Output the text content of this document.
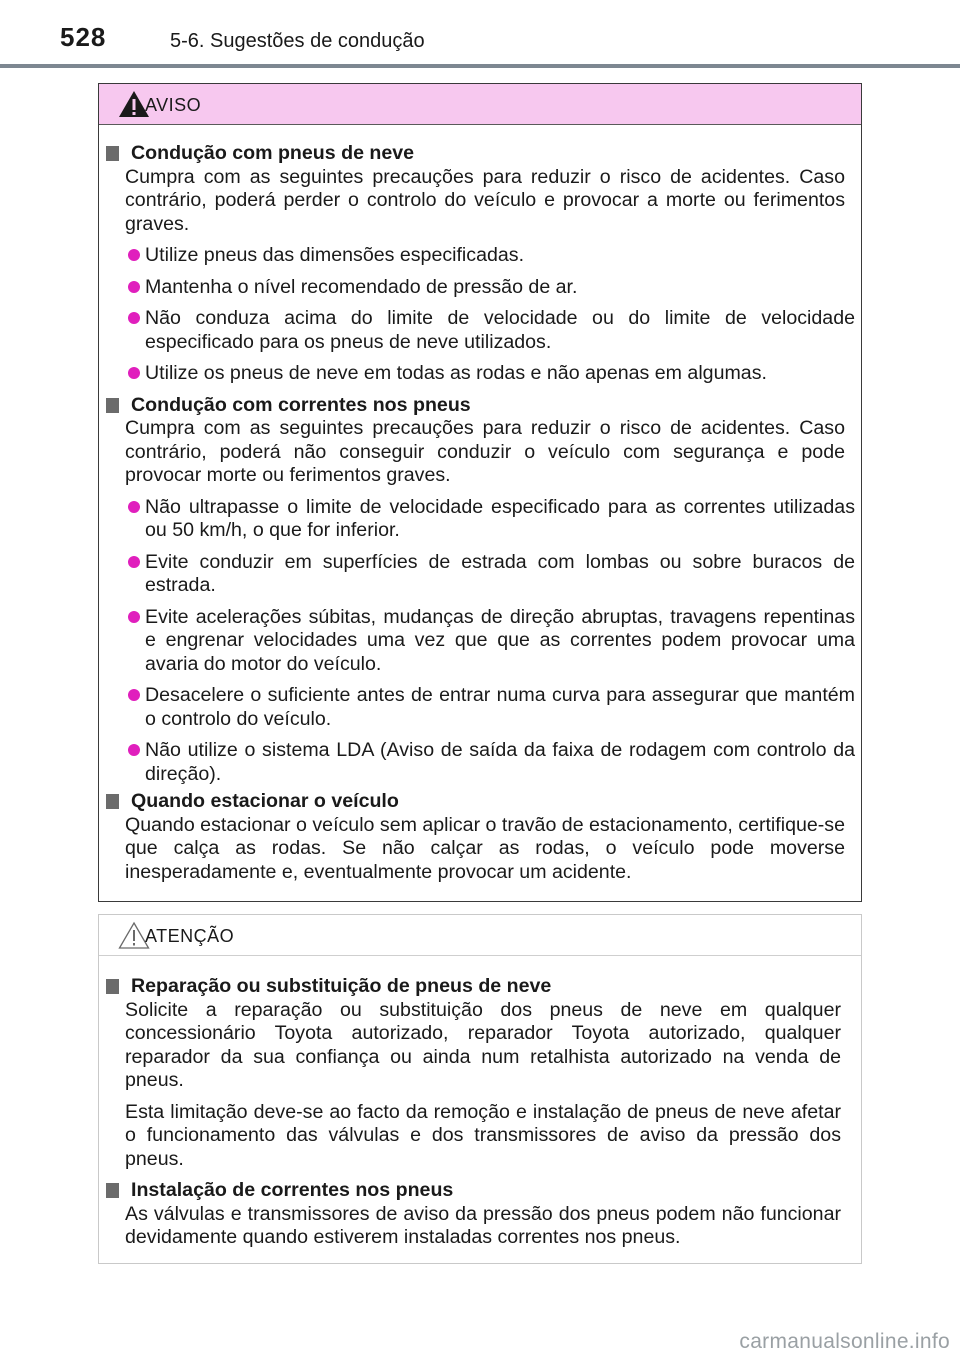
528	5-6. Sugestões de condução
AVISO
Condução com pneus de neve
Cumpra com as seguintes precauções para reduzir o risco de acidentes. Caso contrário, poderá perder o controlo do veículo e provocar a morte ou ferimentos graves.
Utilize pneus das dimensões especificadas.
Mantenha o nível recomendado de pressão de ar.
Não conduza acima do limite de velocidade ou do limite de velocidade especificado para os pneus de neve utilizados.
Utilize os pneus de neve em todas as rodas e não apenas em algumas.
Condução com correntes nos pneus
Cumpra com as seguintes precauções para reduzir o risco de acidentes. Caso contrário, poderá não conseguir conduzir o veículo com segurança e pode provocar morte ou ferimentos graves.
Não ultrapasse o limite de velocidade especificado para as correntes utilizadas ou 50 km/h, o que for inferior.
Evite conduzir em superfícies de estrada com lombas ou sobre buracos de estrada.
Evite acelerações súbitas, mudanças de direção abruptas, travagens repentinas e engrenar velocidades uma vez que que as correntes podem provocar uma avaria do motor do veículo.
Desacelere o suficiente antes de entrar numa curva para assegurar que mantém o controlo do veículo.
Não utilize o sistema LDA (Aviso de saída da faixa de rodagem com controlo da direção).
Quando estacionar o veículo
Quando estacionar o veículo sem aplicar o travão de estacionamento, certifique-se que calça as rodas. Se não calçar as rodas, o veículo pode moverse inesperadamente e, eventualmente provocar um acidente.
ATENÇÃO
Reparação ou substituição de pneus de neve
Solicite a reparação ou substituição dos pneus de neve em qualquer concessionário Toyota autorizado, reparador Toyota autorizado, qualquer reparador da sua confiança ou ainda num retalhista autorizado na venda de pneus.
Esta limitação deve-se ao facto da remoção e instalação de pneus de neve afetar o funcionamento das válvulas e dos transmissores de aviso da pressão dos pneus.
Instalação de correntes nos pneus
As válvulas e transmissores de aviso da pressão dos pneus podem não funcionar devidamente quando estiverem instaladas correntes nos pneus.
carmanualsonline.info
